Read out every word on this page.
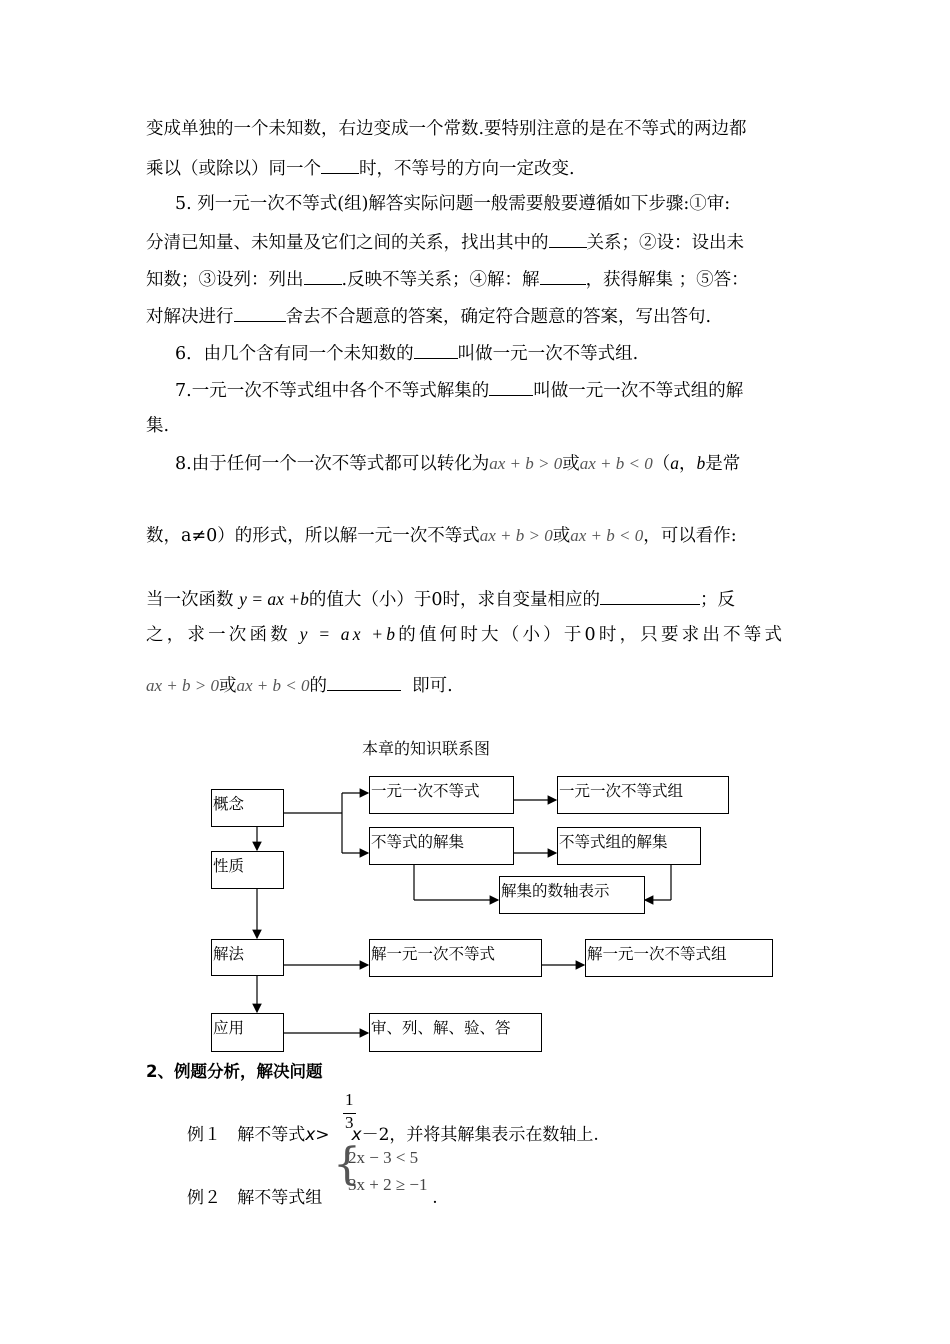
变成单独的一个未知数，右边变成一个常数.要特别注意的是在不等式的两边都
乘以（或除以）同一个 时，不等号的方向一定改变.
5. 列一元一次不等式(组)解答实际问题一般需要般要遵循如下步骤:①审:
分清已知量、未知量及它们之间的关系，找出其中的 关系；②设：设出未
知数；③设列：列出 .反映不等关系；④解：解	，获得解集 ；⑤答：
对解决进行	舍去不合题意的答案，确定符合题意的答案，写出答句.
6．由几个含有同一个未知数的	叫做一元一次不等式组.
7.一元一次不等式组中各个不等式解集的	叫做一元一次不等式组的解
集.
8.由于任何一个一次不等式都可以转化为ax + b > 0或ax + b < 0（a，b是常
数，a≠0）的形式，所以解一元一次不等式ax + b > 0或ax + b < 0，可以看作:
当一次函数 y = ax +b的值大（小）于0时，求自变量相应的	；反
之，求一次函数 y = ax +b的值何时大（小）于0时，只要求出不等式
ax + b > 0或ax + b < 0的	即可.
本章的知识联系图
概念
性质
解法
应用
一元一次不等式	一元一次不等式组
不等式的解集	不等式组的解集
解集的数轴表示
解一元一次不等式	解一元一次不等式组
审、列、解、验、答
2、例题分析，解决问题
1
3
例１ 解不等式x> x－2，并将其解集表示在数轴上.
{
2x − 3 < 5
3x + 2 ≥ −1
例２ 解不等式组	.
